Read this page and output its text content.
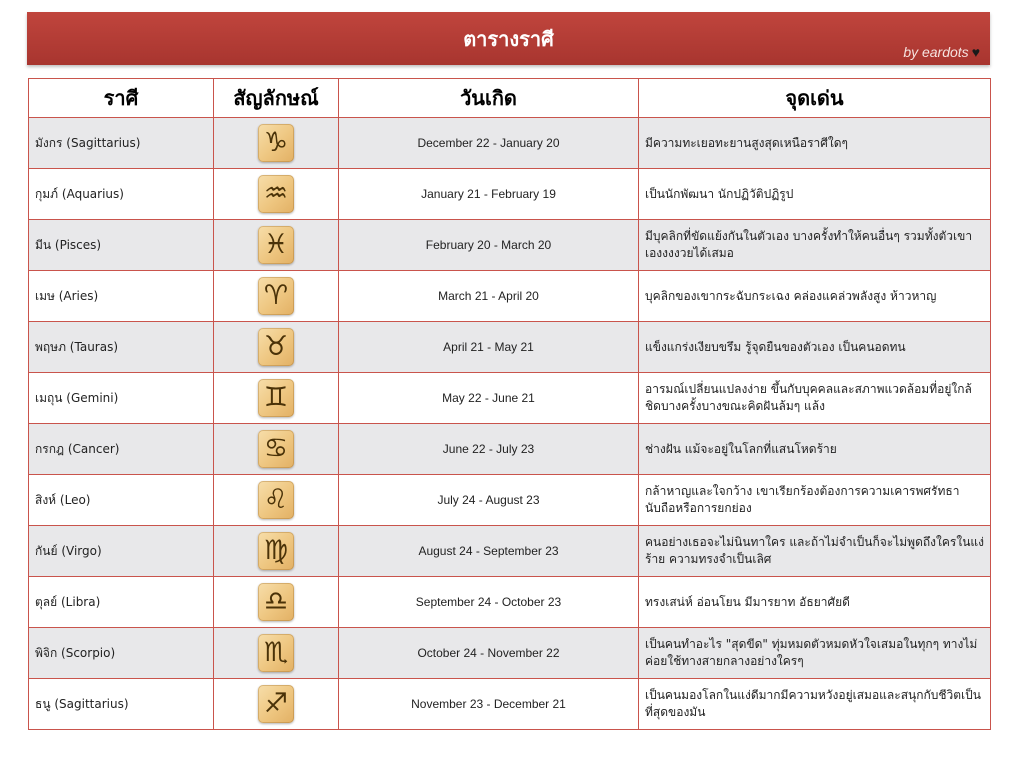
ตารางราศี
by eardots ♥
ราศี	สัญลักษณ์	วันเกิด	จุดเด่น
มังกร (Sagittarius)	♑	December 22 - January 20	มีความทะเยอทะยานสูงสุดเหนือราศีใดๆ
กุมภ์ (Aquarius)	♒	January 21 - February 19	เป็นนักพัฒนา นักปฏิวัติปฏิรูป
มีน (Pisces)	♓	February 20 - March 20	มีบุคลิกที่ขัดแย้งกันในตัวเอง บางครั้งทำให้คนอื่นๆ รวมทั้งตัวเขาเองงงงวยได้เสมอ
เมษ (Aries)	♈	March 21 - April 20	บุคลิกของเขากระฉับกระเฉง คล่องแคล่วพลังสูง ห้าวหาญ
พฤษภ (Tauras)	♉	April 21 - May 21	แข็งแกร่งเงียบขรึม รู้จุดยืนของตัวเอง เป็นคนอดทน
เมถุน (Gemini)	♊	May 22 - June 21	อารมณ์เปลี่ยนแปลงง่าย ขึ้นกับบุคคลและสภาพแวดล้อมที่อยู่ใกล้ชิดบางครั้งบางขณะคิดฝันล้มๆ แล้ง
กรกฎ (Cancer)	♋	June 22 - July 23	ช่างฝัน แม้จะอยู่ในโลกที่แสนโหดร้าย
สิงห์ (Leo)	♌	July 24 - August 23	กล้าหาญและใจกว้าง เขาเรียกร้องต้องการความเคารพศรัทธา นับถือหรือการยกย่อง
กันย์ (Virgo)	♍	August 24 - September 23	คนอย่างเธอจะไม่นินทาใคร และถ้าไม่จำเป็นก็จะไม่พูดถึงใครในแง่ร้าย ความทรงจำเป็นเลิศ
ตุลย์ (Libra)	♎	September 24 - October 23	ทรงเสน่ห์ อ่อนโยน มีมารยาท อัธยาศัยดี
พิจิก (Scorpio)	♏	October 24 - November 22	เป็นคนทำอะไร "สุดขีด" ทุ่มหมดตัวหมดหัวใจเสมอในทุกๆ ทางไม่ค่อยใช้ทางสายกลางอย่างใครๆ
ธนู (Sagittarius)	♐	November 23 - December 21	เป็นคนมองโลกในแง่ดีมากมีความหวังอยู่เสมอและสนุกกับชีวิตเป็นที่สุดของมัน
